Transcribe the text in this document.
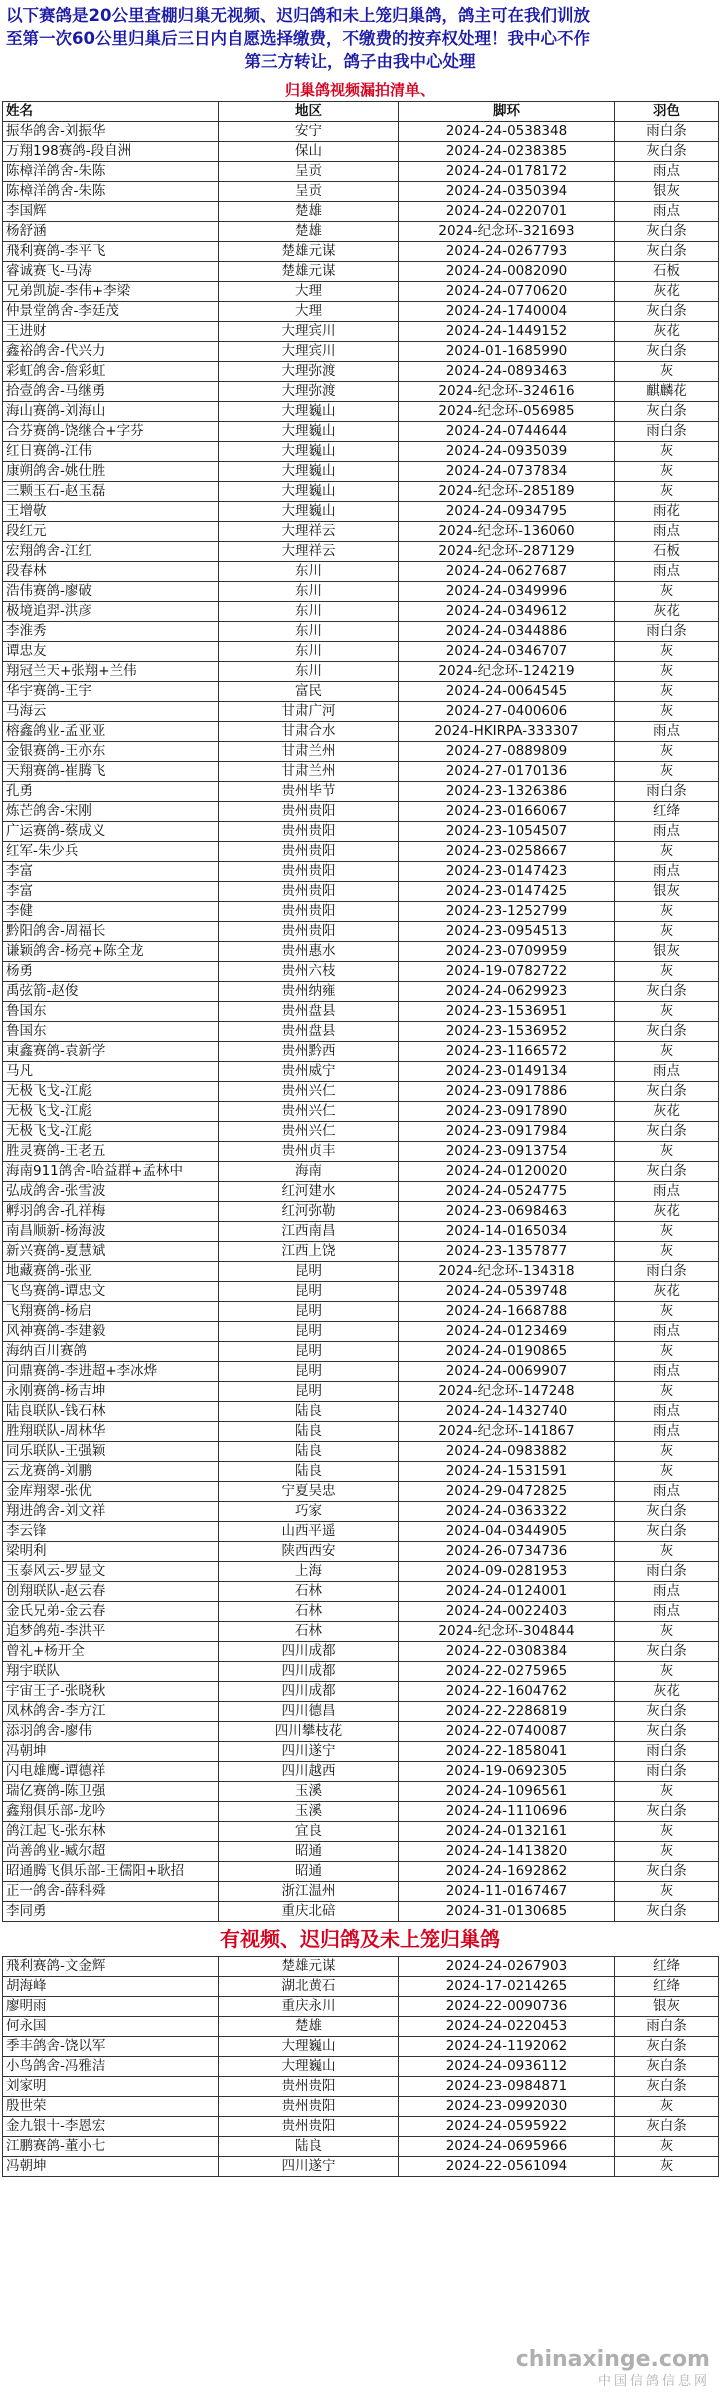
以下赛鸽是20公里查棚归巢无视频、迟归鸽和未上笼归巢鸽，鸽主可在我们训放
至第一次60公里归巢后三日内自愿选择缴费，不缴费的按弃权处理！我中心不作
第三方转让，鸽子由我中心处理
归巢鸽视频漏拍清单、
姓名	地区	脚环	羽色
振华鸽舍-刘振华	安宁	2024-24-0538348	雨白条
万翔198赛鸽-段自洲	保山	2024-24-0238385	灰白条
陈樟洋鸽舍-朱陈	呈贡	2024-24-0178172	雨点
陈樟洋鸽舍-朱陈	呈贡	2024-24-0350394	银灰
李国辉	楚雄	2024-24-0220701	雨点
杨舒涵	楚雄	2024-纪念环-321693	灰白条
飛利赛鸽-李平飞	楚雄元谋	2024-24-0267793	灰白条
睿诚赛飞-马涛	楚雄元谋	2024-24-0082090	石板
兄弟凯旋-李伟+李梁	大理	2024-24-0770620	灰花
仲景堂鸽舍-李廷茂	大理	2024-24-1740004	灰白条
王进财	大理宾川	2024-24-1449152	灰花
鑫裕鸽舍-代兴力	大理宾川	2024-01-1685990	灰白条
彩虹鸽舍-詹彩虹	大理弥渡	2024-24-0893463	灰
拾壹鸽舍-马继勇	大理弥渡	2024-纪念环-324616	麒麟花
海山赛鸽-刘海山	大理巍山	2024-纪念环-056985	灰白条
合芬赛鸽-饶继合+字芬	大理巍山	2024-24-0744644	雨白条
红日赛鸽-江伟	大理巍山	2024-24-0935039	灰
康朔鸽舍-姚仕胜	大理巍山	2024-24-0737834	灰
三颗玉石-赵玉磊	大理巍山	2024-纪念环-285189	灰
王增敬	大理巍山	2024-24-0934795	雨花
段红元	大理祥云	2024-纪念环-136060	雨点
宏翔鸽舍-江红	大理祥云	2024-纪念环-287129	石板
段春林	东川	2024-24-0627687	雨点
浩伟赛鸽-廖破	东川	2024-24-0349996	灰
极境追羿-洪彦	东川	2024-24-0349612	灰花
李淮秀	东川	2024-24-0344886	雨白条
谭忠友	东川	2024-24-0346707	灰
翔冠兰天+张翔+兰伟	东川	2024-纪念环-124219	灰
华宇赛鸽-王宇	富民	2024-24-0064545	灰
马海云	甘肃广河	2024-27-0400606	灰
榕鑫鸽业-孟亚亚	甘肃合水	2024-HKIRPA-333307	雨点
金银赛鸽-王亦东	甘肃兰州	2024-27-0889809	灰
天翔赛鸽-崔腾飞	甘肃兰州	2024-27-0170136	灰
孔勇	贵州毕节	2024-23-1326386	雨白条
炼芒鸽舍-宋刚	贵州贵阳	2024-23-0166067	红绛
广运赛鸽-蔡成义	贵州贵阳	2024-23-1054507	雨点
红军-朱少兵	贵州贵阳	2024-23-0258667	灰
李富	贵州贵阳	2024-23-0147423	雨点
李富	贵州贵阳	2024-23-0147425	银灰
李健	贵州贵阳	2024-23-1252799	灰
黔阳鸽舍-周福长	贵州贵阳	2024-23-0954513	灰
谦颖鸽舍-杨亮+陈全龙	贵州惠水	2024-23-0709959	银灰
杨勇	贵州六枝	2024-19-0782722	灰
禹弦箭-赵俊	贵州纳雍	2024-24-0629923	灰白条
鲁国东	贵州盘县	2024-23-1536951	灰
鲁国东	贵州盘县	2024-23-1536952	灰白条
東鑫赛鸽-袁新学	贵州黔西	2024-23-1166572	灰
马凡	贵州威宁	2024-23-0149134	雨点
无极飞戈-江彪	贵州兴仁	2024-23-0917886	灰白条
无极飞戈-江彪	贵州兴仁	2024-23-0917890	灰花
无极飞戈-江彪	贵州兴仁	2024-23-0917984	灰白条
胜灵赛鸽-王老五	贵州贞丰	2024-23-0913754	灰
海南911鸽舍-哈益群+孟林中	海南	2024-24-0120020	灰白条
弘成鸽舍-张雪波	红河建水	2024-24-0524775	雨点
孵羽鸽舍-孔祥梅	红河弥勒	2024-23-0698463	灰花
南昌顺新-杨海波	江西南昌	2024-14-0165034	灰
新兴赛鸽-夏慧斌	江西上饶	2024-23-1357877	灰
地藏赛鸽-张亚	昆明	2024-纪念环-134318	雨白条
飞鸟赛鸽-谭忠文	昆明	2024-24-0539748	灰花
飞翔赛鸽-杨启	昆明	2024-24-1668788	灰
风神赛鸽-李建毅	昆明	2024-24-0123469	雨点
海纳百川赛鸽	昆明	2024-24-0190865	灰
问鼎赛鸽-李进超+李冰烨	昆明	2024-24-0069907	雨点
永刚赛鸽-杨吉坤	昆明	2024-纪念环-147248	灰
陆良联队-钱石林	陆良	2024-24-1432740	雨点
胜翔联队-周林华	陆良	2024-纪念环-141867	雨点
同乐联队-王强颖	陆良	2024-24-0983882	灰
云龙赛鸽-刘鹏	陆良	2024-24-1531591	灰
金库翔翠-张优	宁夏吴忠	2024-29-0472825	雨点
翔进鸽舍-刘文祥	巧家	2024-24-0363322	灰白条
李云锋	山西平遥	2024-04-0344905	灰白条
梁明利	陕西西安	2024-26-0734736	灰
玉泰风云-罗显文	上海	2024-09-0281953	雨白条
创翔联队-赵云春	石林	2024-24-0124001	雨点
金氏兄弟-金云春	石林	2024-24-0022403	雨点
追梦鸽苑-李洪平	石林	2024-纪念环-304844	灰
曾礼+杨开全	四川成都	2024-22-0308384	灰白条
翔宇联队	四川成都	2024-22-0275965	灰
宇宙王子-张晓秋	四川成都	2024-22-1604762	灰花
凤林鸽舍-李方江	四川德昌	2024-22-2286819	灰白条
添羽鸽舍-廖伟	四川攀枝花	2024-22-0740087	灰白条
冯朝坤	四川遂宁	2024-22-1858041	雨白条
闪电雄鹰-谭德祥	四川越西	2024-19-0692305	雨白条
瑞亿赛鸽-陈卫强	玉溪	2024-24-1096561	灰
鑫翔俱乐部-龙吟	玉溪	2024-24-1110696	灰白条
鸽江起飞-张东林	宜良	2024-24-0132161	灰
尚善鸽业-臧尔超	昭通	2024-24-1413820	灰
昭通腾飞俱乐部-王儒阳+耿招	昭通	2024-24-1692862	灰白条
正一鸽舍-薛科舜	浙江温州	2024-11-0167467	灰
李同勇	重庆北碚	2024-31-0130685	灰白条
有视频、迟归鸽及未上笼归巢鸽
飛利赛鸽-文金辉	楚雄元谋	2024-24-0267903	红绛
胡海峰	湖北黄石	2024-17-0214265	红绛
廖明雨	重庆永川	2024-22-0090736	银灰
何永国	楚雄	2024-24-0220453	雨白条
季丰鸽舍-饶以军	大理巍山	2024-24-1192062	灰白条
小鸟鸽舍-冯雅洁	大理巍山	2024-24-0936112	灰白条
刘家明	贵州贵阳	2024-23-0984871	灰白条
殷世荣	贵州贵阳	2024-23-0992030	灰
金九银十-李恩宏	贵州贵阳	2024-24-0595922	灰白条
江鹏赛鸽-董小七	陆良	2024-24-0695966	灰
冯朝坤	四川遂宁	2024-22-0561094	灰
chinaxinge.com
中国信鸽信息网
